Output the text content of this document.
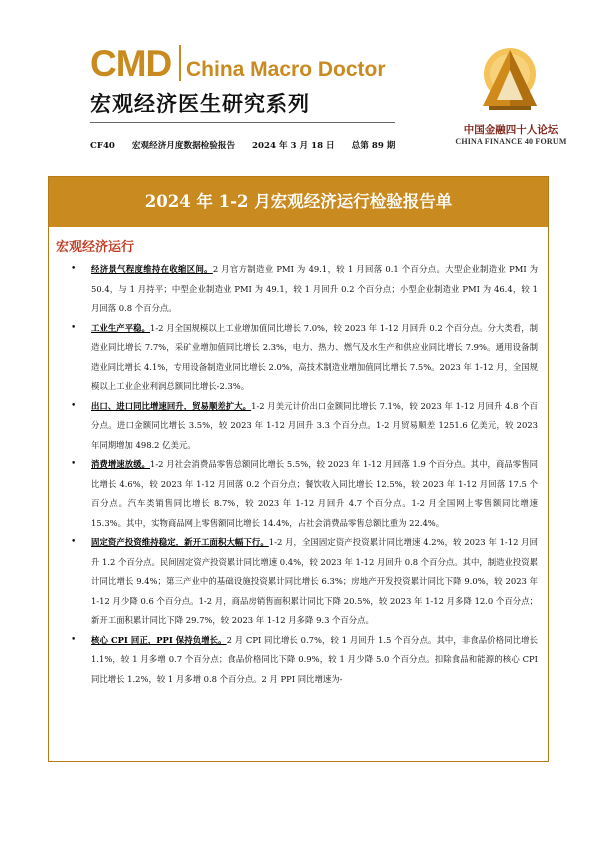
CMD China Macro Doctor
宏观经济医生研究系列
中国金融四十人论坛
CHINA FINANCE 40 FORUM
CF40 宏观经济月度数据检验报告 2024 年 3 月 18 日 总第 89 期
2024 年 1-2 月宏观经济运行检验报告单
宏观经济运行
• 经济景气程度维持在收缩区间。2 月官方制造业 PMI 为 49.1，较 1 月回落 0.1 个百分点。大型企业制造业 PMI 为 50.4，与 1 月持平；中型企业制造业 PMI 为 49.1，较 1 月回升 0.2 个百分点；小型企业制造业 PMI 为 46.4，较 1 月回落 0.8 个百分点。
• 工业生产平稳。1-2 月全国规模以上工业增加值同比增长 7.0%，较 2023 年 1-12 月回升 0.2 个百分点。分大类看，制造业同比增长 7.7%，采矿业增加值同比增长 2.3%，电力、热力、燃气及水生产和供应业同比增长 7.9%。通用设备制造业同比增长 4.1%，专用设备制造业同比增长 2.0%，高技术制造业增加值同比增长 7.5%。2023 年 1-12 月，全国规模以上工业企业利润总额同比增长-2.3%。
• 出口、进口同比增速回升，贸易顺差扩大。1-2 月美元计价出口金额同比增长 7.1%，较 2023 年 1-12 月回升 4.8 个百分点。进口金额同比增长 3.5%，较 2023 年 1-12 月回升 3.3 个百分点。1-2 月贸易顺差 1251.6 亿美元，较 2023 年同期增加 498.2 亿美元。
• 消费增速放缓。1-2 月社会消费品零售总额同比增长 5.5%，较 2023 年 1-12 月回落 1.9 个百分点。其中，商品零售同比增长 4.6%，较 2023 年 1-12 月回落 0.2 个百分点；餐饮收入同比增长 12.5%，较 2023 年 1-12 月回落 17.5 个百分点。汽车类销售同比增长 8.7%，较 2023 年 1-12 月回升 4.7 个百分点。1-2 月全国网上零售额同比增速 15.3%。其中，实物商品网上零售额同比增长 14.4%，占社会消费品零售总额比重为 22.4%。
• 固定资产投资维持稳定，新开工面积大幅下行。1-2 月，全国固定资产投资累计同比增速 4.2%，较 2023 年 1-12 月回升 1.2 个百分点。民间固定资产投资累计同比增速 0.4%，较 2023 年 1-12 月回升 0.8 个百分点。其中，制造业投资累计同比增长 9.4%；第三产业中的基础设施投资累计同比增长 6.3%；房地产开发投资累计同比下降 9.0%，较 2023 年 1-12 月少降 0.6 个百分点。1-2 月，商品房销售面积累计同比下降 20.5%，较 2023 年 1-12 月多降 12.0 个百分点；新开工面积累计同比下降 29.7%，较 2023 年 1-12 月多降 9.3 个百分点。
• 核心 CPI 回正，PPI 保持负增长。2 月 CPI 同比增长 0.7%，较 1 月回升 1.5 个百分点。其中，非食品价格同比增长 1.1%，较 1 月多增 0.7 个百分点；食品价格同比下降 0.9%，较 1 月少降 5.0 个百分点。扣除食品和能源的核心 CPI 同比增长 1.2%，较 1 月多增 0.8 个百分点。2 月 PPI 同比增速为-
